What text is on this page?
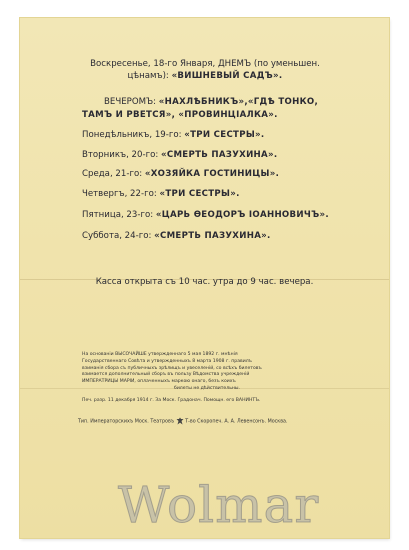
Воскресенье, 18-го Января, ДНЕМЪ (по уменьшен.
цѣнамъ): «ВИШНЕВЫЙ САДЪ».
ВЕЧЕРОМЪ: «НАХЛѢБНИКЪ»,«ГДѢ ТОНКО,
ТАМЪ И РВЕТСЯ», «ПРОВИНЦІАЛКА».
Понедѣльникъ, 19-го: «ТРИ СЕСТРЫ».
Вторникъ, 20-го: «СМЕРТЬ ПАЗУХИНА».
Среда, 21-го: «ХОЗЯЙКА ГОСТИНИЦЫ».
Четвергъ, 22-го: «ТРИ СЕСТРЫ».
Пятница, 23-го: «ЦАРЬ ѲЕОДОРЪ ІОАННОВИЧЪ».
Суббота, 24-го: «СМЕРТЬ ПАЗУХИНА».
Касса открыта съ 10 час. утра до 9 час. вечера.
На основаніи ВЫСОЧАЙШЕ утвержденнаго 5 мая 1892 г. мнѣнія
Государственнаго Совѣта и утвержденныхъ 8 марта 1908 г. правилъ
взиманія сбора съ публичныхъ зрѣлищъ и увеселеній, со всѣхъ билетовъ
взимается дополнительный сборъ въ пользу Вѣдомства учрежденій
ИМПЕРАТРИЦЫ МАРІИ, оплаченныхъ маркою онаго, безъ коихъ
билеты не дѣйствительны.
Печ. разр. 11 декабря 1914 г. За Моск. Градонач. Помощн. его ВАНИНТЪ.
Тип. Императорскихъ Моск. Театровъ Т-во Скоропеч. А. А. Левенсонъ. Москва.
Wolmar
